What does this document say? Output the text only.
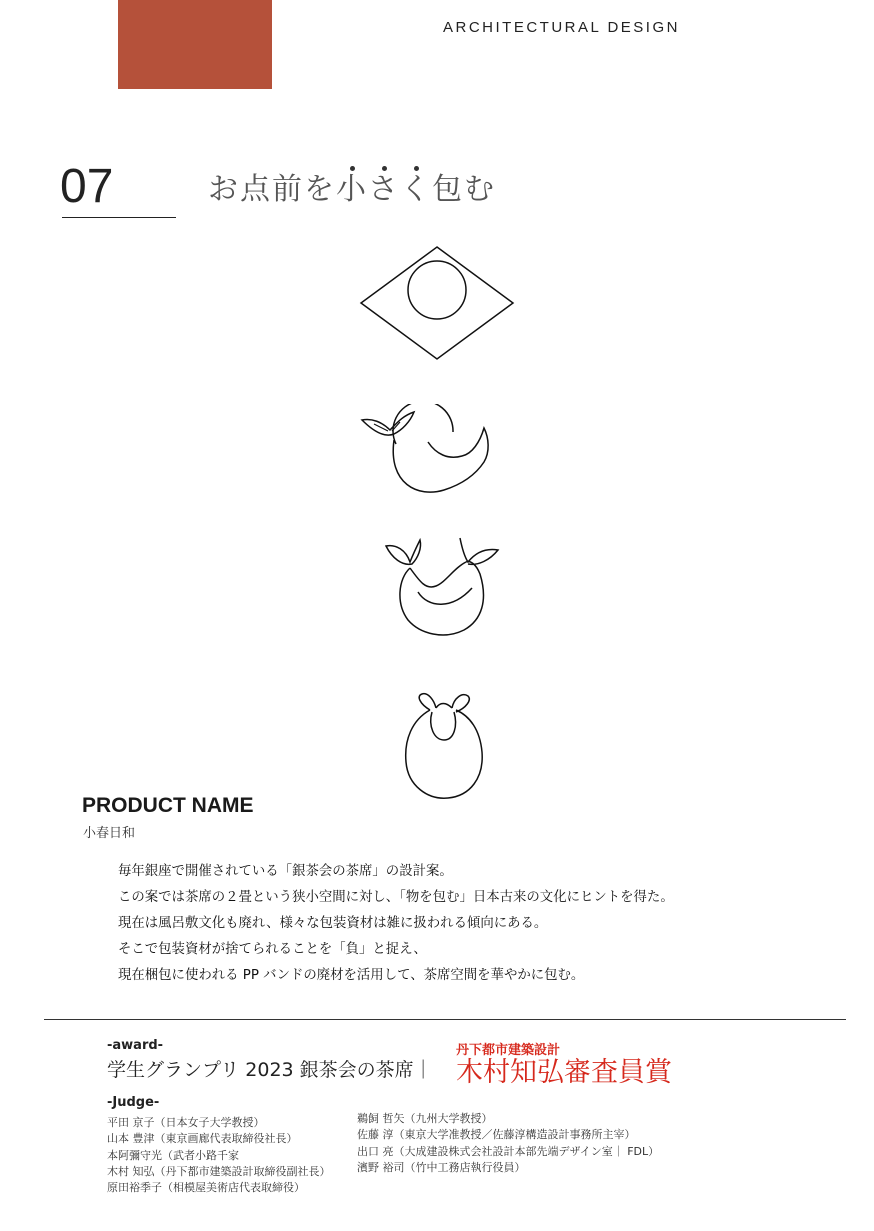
ARCHITECTURAL DESIGN
07	お点前を小さく包む
PRODUCT NAME
小春日和

毎年銀座で開催されている「銀茶会の茶席」の設計案。

この案では茶席の２畳という狭小空間に対し、「物を包む」日本古来の文化にヒントを得た。

現在は風呂敷文化も廃れ、様々な包装資材は雑に扱われる傾向にある。

そこで包装資材が捨てられることを「負」と捉え、

現在梱包に使われる PP バンドの廃材を活用して、茶席空間を華やかに包む。

-award-
学生グランプリ 2023 銀茶会の茶席｜
丹下都市建築設計
木村知弘審査員賞
-Judge-
平田 京子（日本女子大学教授）
山本 豊津（東京画廊代表取締役社長）
本阿彌守光（武者小路千家
木村 知弘（丹下都市建築設計取締役副社長）
原田裕季子（相模屋美術店代表取締役）
鵜飼 哲矢（九州大学教授）
佐藤 淳（東京大学准教授／佐藤淳構造設計事務所主宰）
出口 亮（大成建設株式会社設計本部先端デザイン室｜ FDL）
濱野 裕司（竹中工務店執行役員）
